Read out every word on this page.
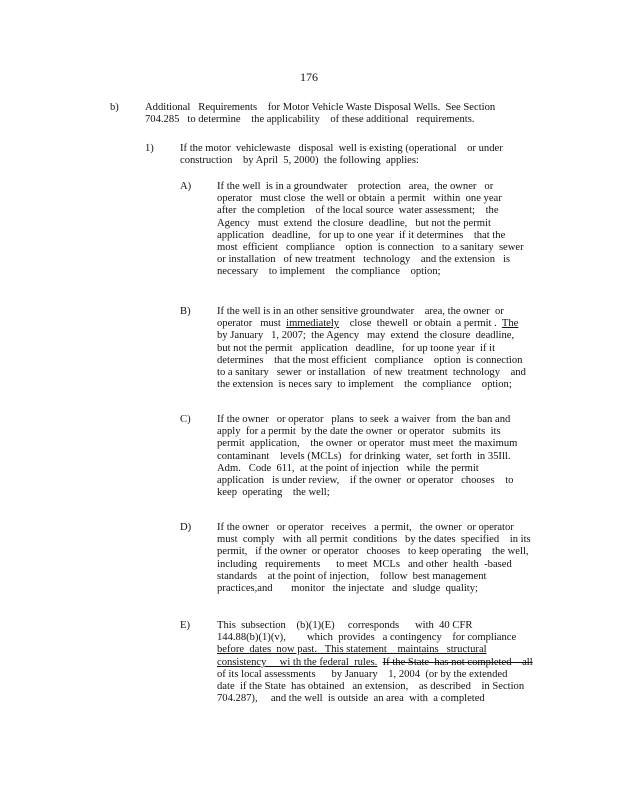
176
b) Additional   Requirements    for Motor Vehicle Waste Disposal Wells.  See Section
704.285   to determine    the applicability    of these additional   requirements.
1) If the motor  vehiclewaste   disposal  well is existing (operational    or under
construction    by April  5, 2000)  the following  applies:
A) If the well  is in a groundwater    protection   area,  the owner   or
operator   must close  the well or obtain  a permit   within  one year
after  the completion    of the local source  water assessment;    the
Agency   must  extend  the closure  deadline,   but not the permit
application   deadline,   for up to one year  if it determines    that the
most  efficient   compliance    option  is connection   to a sanitary  sewer
or installation   of new treatment   technology    and the extension   is
necessary    to implement    the compliance    option;
B) If the well is in an other sensitive groundwater    area, the owner  or
operator   must  immediately    close  thewell  or obtain  a permit .  The
by January   1, 2007;  the Agency   may  extend  the closure  deadline,
but not the permit   application   deadline,   for up toone year  if it
determines    that the most efficient   compliance    option  is connection
to a sanitary   sewer  or installation   of new  treatment  technology    and
the extension  is neces sary  to implement    the  compliance    option;
C) If the owner   or operator   plans  to seek  a waiver  from  the ban and
apply  for a permit  by the date the owner  or operator   submits  its
permit  application,    the owner  or operator  must meet  the maximum
contaminant    levels (MCLs)   for drinking  water,  set forth  in 35Ill.
Adm.   Code  611,  at the point of injection   while  the permit
application   is under review,    if the owner  or operator   chooses    to
keep  operating    the well;
D) If the owner   or operator   receives   a permit,   the owner  or operator
must  comply   with  all permit  conditions   by the dates  specified    in its
permit,   if the owner  or operator   chooses   to keep operating    the well,
including   requirements      to meet  MCLs   and other  health  -based
standards    at the point of injection,    follow  best management
practices,and       monitor   the injectate   and  sludge  quality;
E)	This  subsection    (b)(1)(E)     corresponds      with  40 CFR
144.88(b)(1)(v),        which  provides   a contingency    for compliance
before  dates  now past.   This statement    maintains   structural
consistency     wi th the federal  rules. If the State  has not completed    all
of its local assessments      by January    1, 2004  (or by the extended
date  if the State  has obtained   an extension,    as described    in Section
704.287),     and the well  is outside  an area  with  a completed
